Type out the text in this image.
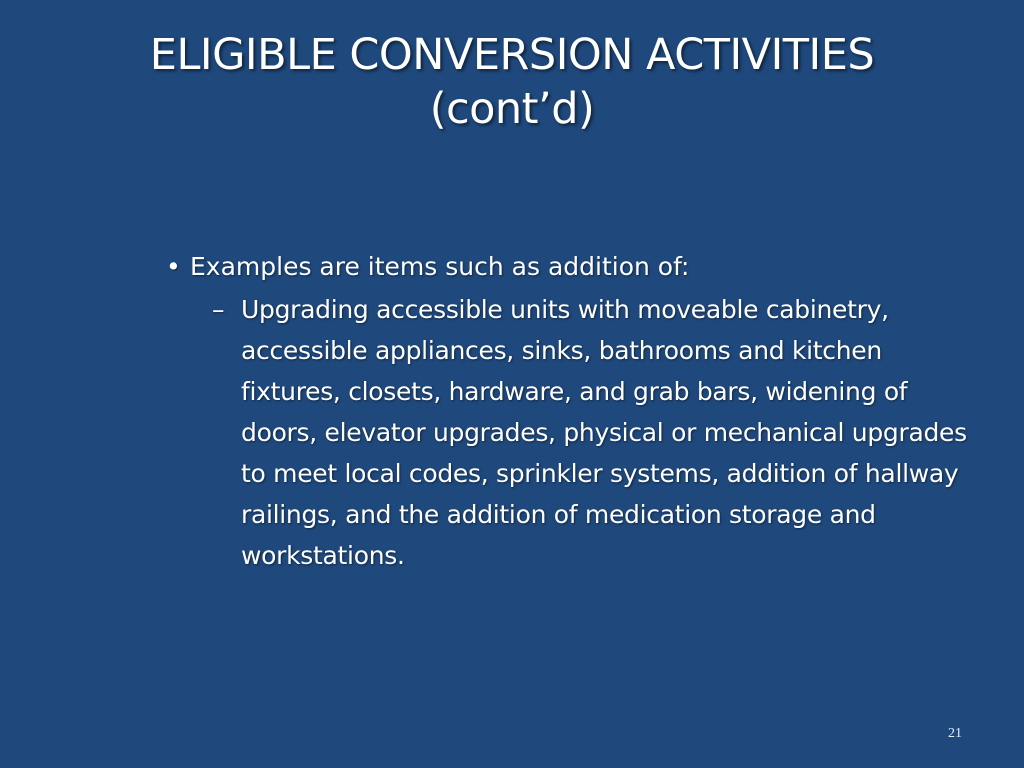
ELIGIBLE CONVERSION ACTIVITIES
(cont’d)
• Examples are items such as addition of:
– Upgrading accessible units with moveable cabinetry, accessible appliances, sinks, bathrooms and kitchen fixtures, closets, hardware, and grab bars, widening of doors, elevator upgrades, physical or mechanical upgrades to meet local codes, sprinkler systems, addition of hallway railings, and the addition of medication storage and workstations.
21
